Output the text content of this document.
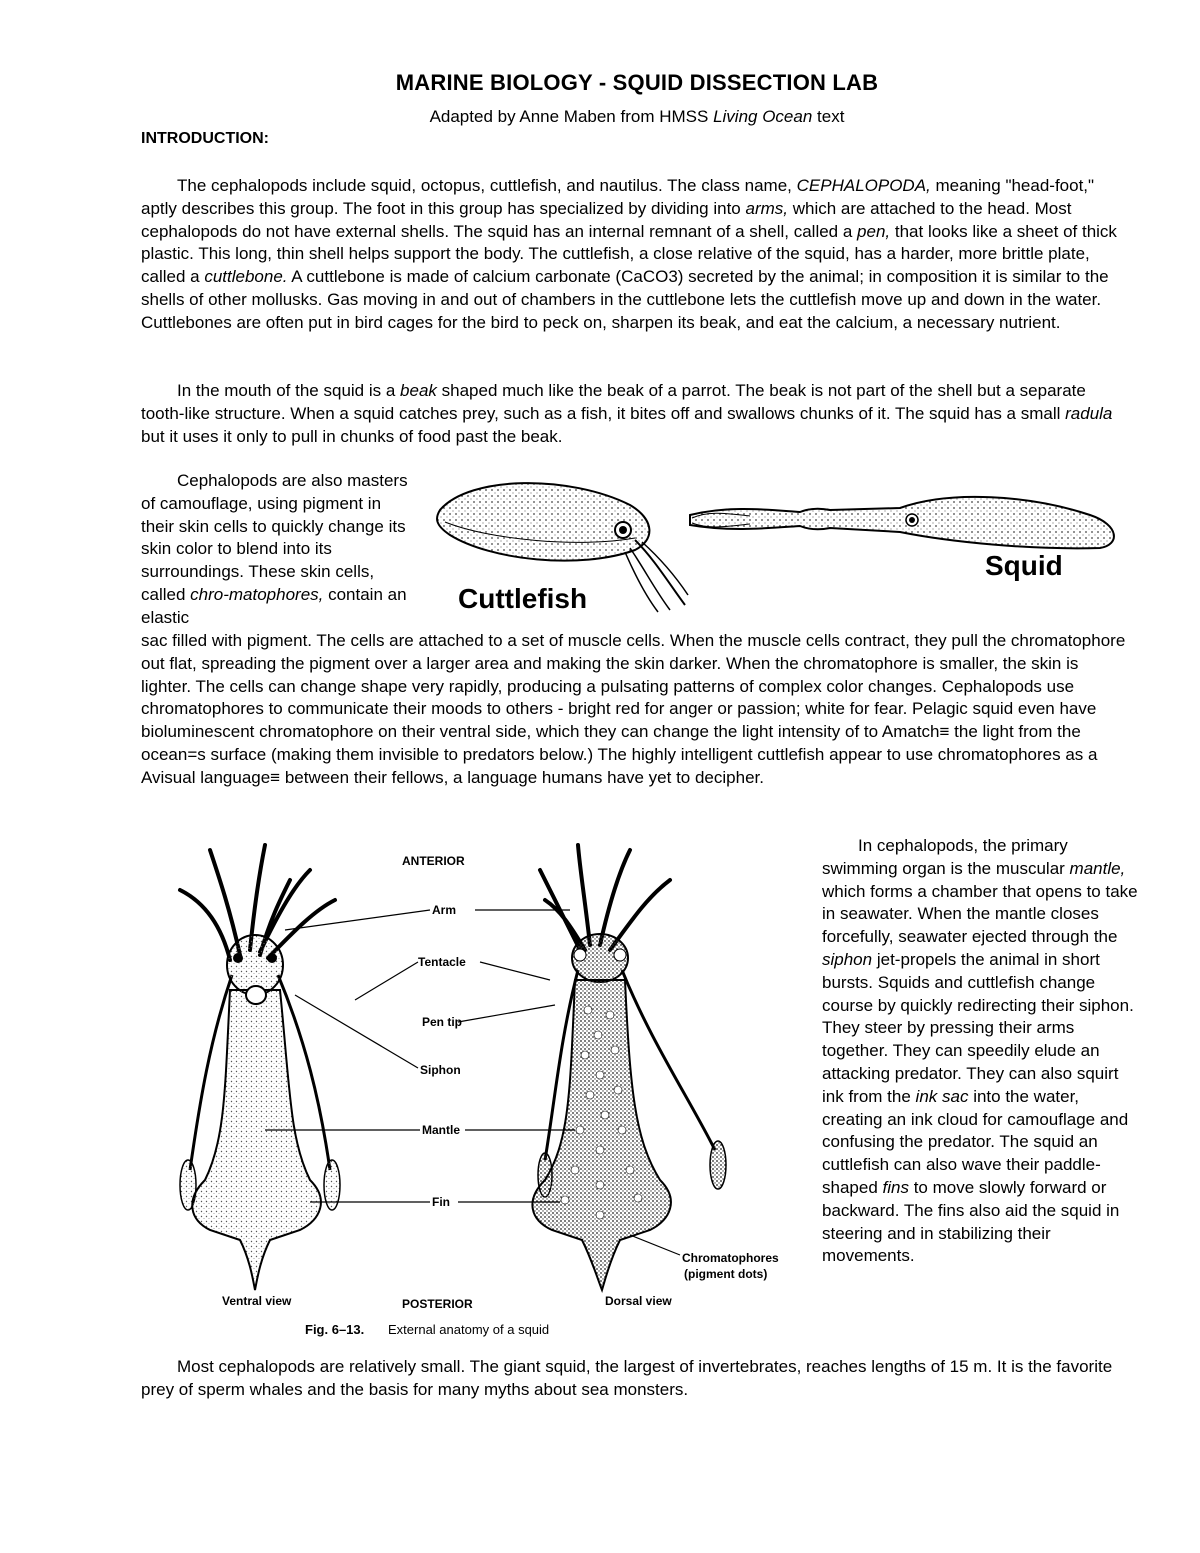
MARINE BIOLOGY - SQUID DISSECTION LAB
Adapted by Anne Maben from HMSS Living Ocean text
INTRODUCTION:
The cephalopods include squid, octopus, cuttlefish, and nautilus. The class name, CEPHALOPODA, meaning "head-foot," aptly describes this group. The foot in this group has specialized by dividing into arms, which are attached to the head. Most cephalopods do not have external shells. The squid has an internal remnant of a shell, called a pen, that looks like a sheet of thick plastic. This long, thin shell helps support the body. The cuttlefish, a close relative of the squid, has a harder, more brittle plate, called a cuttlebone. A cuttlebone is made of calcium carbonate (CaCO3) secreted by the animal; in composition it is similar to the shells of other mollusks. Gas moving in and out of chambers in the cuttlebone lets the cuttlefish move up and down in the water. Cuttlebones are often put in bird cages for the bird to peck on, sharpen its beak, and eat the calcium, a necessary nutrient.
In the mouth of the squid is a beak shaped much like the beak of a parrot. The beak is not part of the shell but a separate tooth-like structure. When a squid catches prey, such as a fish, it bites off and swallows chunks of it. The squid has a small radula but it uses it only to pull in chunks of food past the beak.
Cephalopods are also masters of camouflage, using pigment in their skin cells to quickly change its skin color to blend into its surroundings. These skin cells, called chro-matophores, contain an elastic
Cuttlefish
Squid
sac filled with pigment. The cells are attached to a set of muscle cells. When the muscle cells contract, they pull the chromatophore out flat, spreading the pigment over a larger area and making the skin darker. When the chromatophore is smaller, the skin is lighter. The cells can change shape very rapidly, producing a pulsating patterns of complex color changes. Cephalopods use chromatophores to communicate their moods to others - bright red for anger or passion; white for fear. Pelagic squid even have bioluminescent chromatophore on their ventral side, which they can change the light intensity of to Amatch≡ the light from the ocean=s surface (making them invisible to predators below.) The highly intelligent cuttlefish appear to use chromatophores as a Avisual language≡ between their fellows, a language humans have yet to decipher.
ANTERIOR
Arm
Tentacle
Pen tip
Siphon
Mantle
Fin
Chromatophores
(pigment dots)
Ventral view	POSTERIOR	Dorsal view
Fig. 6–13. External anatomy of a squid
In cephalopods, the primary swimming organ is the muscular mantle, which forms a chamber that opens to take in seawater. When the mantle closes forcefully, seawater ejected through the siphon jet-propels the animal in short bursts. Squids and cuttlefish change course by quickly redirecting their siphon. They steer by pressing their arms together. They can speedily elude an attacking predator. They can also squirt ink from the ink sac into the water, creating an ink cloud for camouflage and confusing the predator. The squid an cuttlefish can also wave their paddle-shaped fins to move slowly forward or backward. The fins also aid the squid in steering and in stabilizing their movements.
Most cephalopods are relatively small. The giant squid, the largest of invertebrates, reaches lengths of 15 m. It is the favorite prey of sperm whales and the basis for many myths about sea monsters.
